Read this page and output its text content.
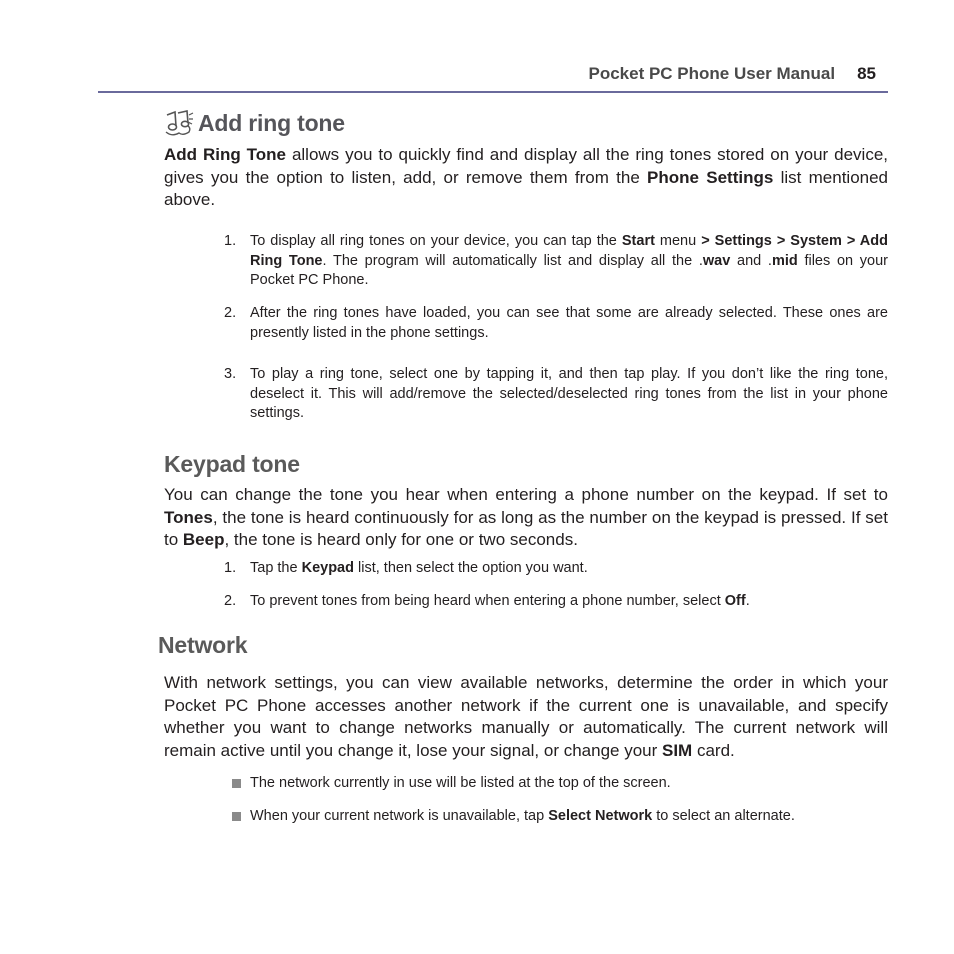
Pocket PC Phone User Manual 85
Add ring tone

Add Ring Tone allows you to quickly find and display all the ring tones stored on your device, gives you the option to listen, add, or remove them from the Phone Settings list mentioned above.

1. To display all ring tones on your device, you can tap the Start menu > Settings > System > Add Ring Tone. The program will automatically list and display all the .wav and .mid files on your Pocket PC Phone.
2. After the ring tones have loaded, you can see that some are already selected. These ones are presently listed in the phone settings.
3. To play a ring tone, select one by tapping it, and then tap play. If you don’t like the ring tone, deselect it. This will add/remove the selected/deselected ring tones from the list in your phone settings.
Keypad tone

You can change the tone you hear when entering a phone number on the keypad. If set to Tones, the tone is heard continuously for as long as the number on the keypad is pressed. If set to Beep, the tone is heard only for one or two seconds.

1. Tap the Keypad list, then select the option you want.
2. To prevent tones from being heard when entering a phone number, select Off.
Network

With network settings, you can view available networks, determine the order in which your Pocket PC Phone accesses another network if the current one is unavailable, and specify whether you want to change networks manually or automatically. The current network will remain active until you change it, lose your signal, or change your SIM card.

The network currently in use will be listed at the top of the screen.
When your current network is unavailable, tap Select Network to select an alternate.
